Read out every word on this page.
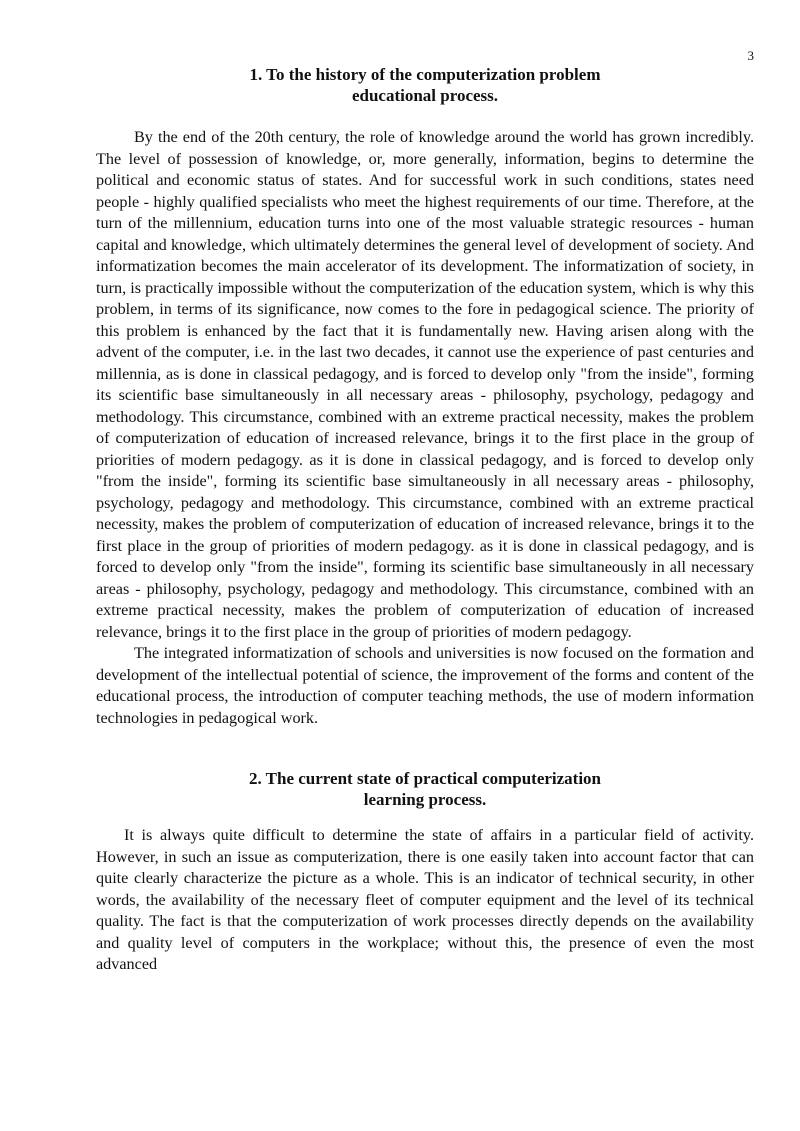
3
1. To the history of the computerization problem
educational process.

By the end of the 20th century, the role of knowledge around the world has grown incredibly. The level of possession of knowledge, or, more generally, information, begins to determine the political and economic status of states. And for successful work in such conditions, states need people - highly qualified specialists who meet the highest requirements of our time. Therefore, at the turn of the millennium, education turns into one of the most valuable strategic resources - human capital and knowledge, which ultimately determines the general level of development of society. And informatization becomes the main accelerator of its development. The informatization of society, in turn, is practically impossible without the computerization of the education system, which is why this problem, in terms of its significance, now comes to the fore in pedagogical science. The priority of this problem is enhanced by the fact that it is fundamentally new. Having arisen along with the advent of the computer, i.e. in the last two decades, it cannot use the experience of past centuries and millennia, as is done in classical pedagogy, and is forced to develop only "from the inside", forming its scientific base simultaneously in all necessary areas - philosophy, psychology, pedagogy and methodology. This circumstance, combined with an extreme practical necessity, makes the problem of computerization of education of increased relevance, brings it to the first place in the group of priorities of modern pedagogy. as it is done in classical pedagogy, and is forced to develop only "from the inside", forming its scientific base simultaneously in all necessary areas - philosophy, psychology, pedagogy and methodology. This circumstance, combined with an extreme practical necessity, makes the problem of computerization of education of increased relevance, brings it to the first place in the group of priorities of modern pedagogy. as it is done in classical pedagogy, and is forced to develop only "from the inside", forming its scientific base simultaneously in all necessary areas - philosophy, psychology, pedagogy and methodology. This circumstance, combined with an extreme practical necessity, makes the problem of computerization of education of increased relevance, brings it to the first place in the group of priorities of modern pedagogy.

The integrated informatization of schools and universities is now focused on the formation and development of the intellectual potential of science, the improvement of the forms and content of the educational process, the introduction of computer teaching methods, the use of modern information technologies in pedagogical work.

2. The current state of practical computerization
learning process.

It is always quite difficult to determine the state of affairs in a particular field of activity. However, in such an issue as computerization, there is one easily taken into account factor that can quite clearly characterize the picture as a whole. This is an indicator of technical security, in other words, the availability of the necessary fleet of computer equipment and the level of its technical quality. The fact is that the computerization of work processes directly depends on the availability and quality level of computers in the workplace; without this, the presence of even the most advanced
